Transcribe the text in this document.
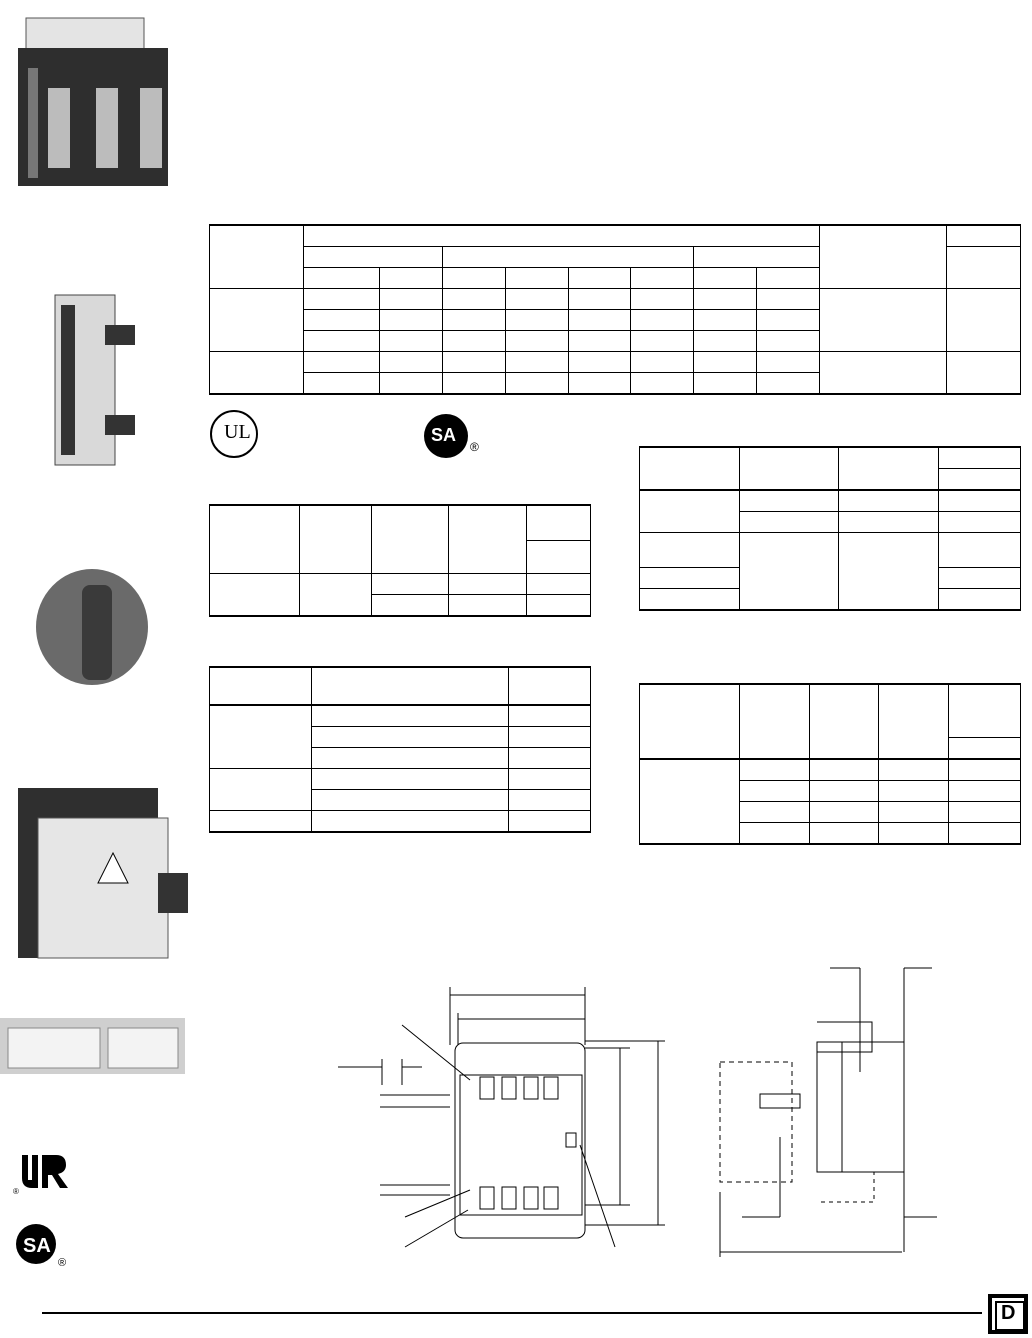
®
SA
®

UL	SA
®

D
